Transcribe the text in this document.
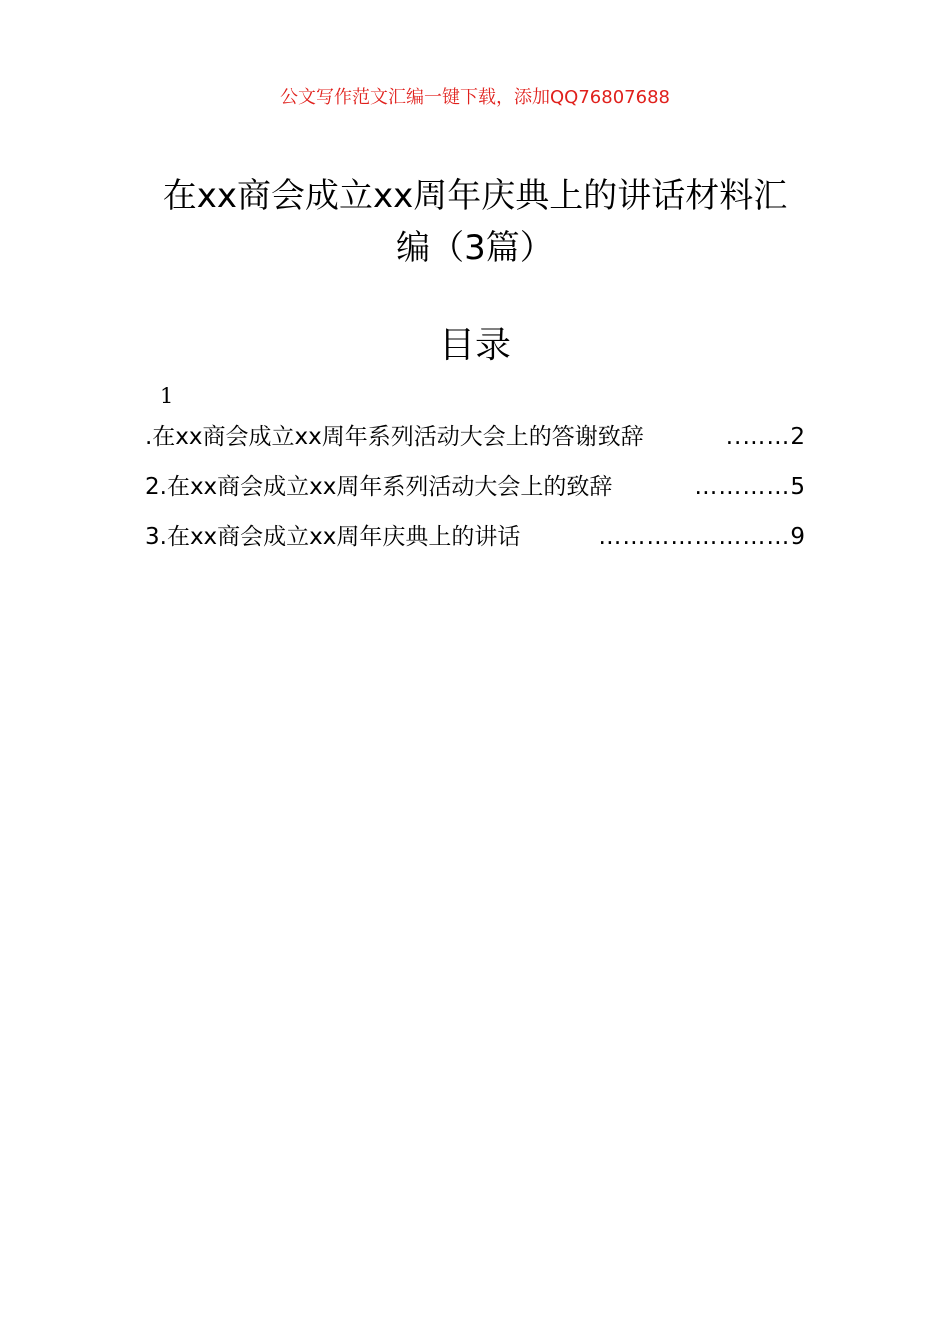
公文写作范文汇编一键下载，添加QQ76807688
在xx商会成立xx周年庆典上的讲话材料汇
编（3篇）
目录
1
.在xx商会成立xx周年系列活动大会上的答谢致辞	…….. 2
2.在xx商会成立xx周年系列活动大会上的致辞	………… 5
3.在xx商会成立xx周年庆典上的讲话	…………………… 9
